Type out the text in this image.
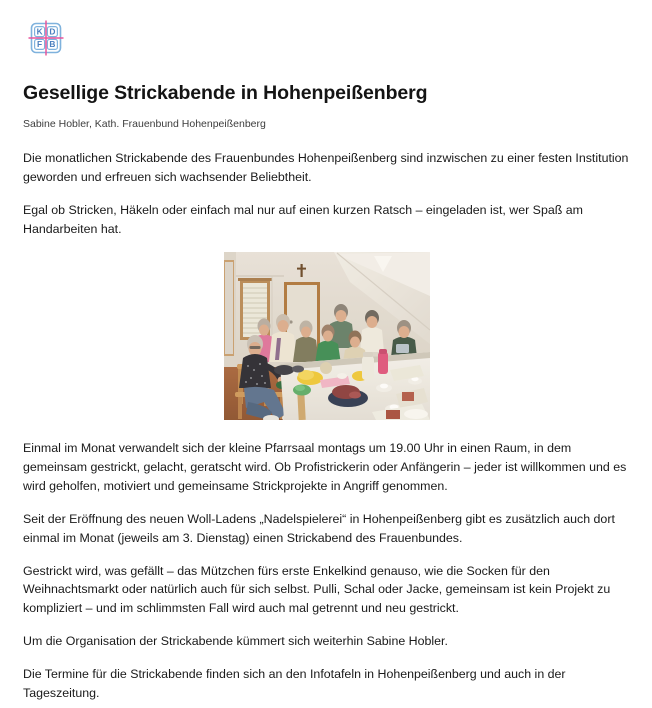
K D
F B
Gesellige Strickabende in Hohenpeißenberg
Sabine Hobler, Kath. Frauenbund Hohenpeißenberg

Die monatlichen Strickabende des Frauenbundes Hohenpeißenberg sind inzwischen zu einer festen Institution geworden und erfreuen sich wachsender Beliebtheit.

Egal ob Stricken, Häkeln oder einfach mal nur auf einen kurzen Ratsch – eingeladen ist, wer Spaß am Handarbeiten hat.

Einmal im Monat verwandelt sich der kleine Pfarrsaal montags um 19.00 Uhr in einen Raum, in dem gemeinsam gestrickt, gelacht, geratscht wird. Ob Profistrickerin oder Anfängerin – jeder ist willkommen und es wird geholfen, motiviert und gemeinsame Strickprojekte in Angriff genommen.

Seit der Eröffnung des neuen Woll-Ladens „Nadelspielerei“ in Hohenpeißenberg gibt es zusätzlich auch dort einmal im Monat (jeweils am 3. Dienstag) einen Strickabend des Frauenbundes.

Gestrickt wird, was gefällt – das Mützchen fürs erste Enkelkind genauso, wie die Socken für den Weihnachtsmarkt oder natürlich auch für sich selbst. Pulli, Schal oder Jacke, gemeinsam ist kein Projekt zu kompliziert – und im schlimmsten Fall wird auch mal getrennt und neu gestrickt.

Um die Organisation der Strickabende kümmert sich weiterhin Sabine Hobler.

Die Termine für die Strickabende finden sich an den Infotafeln in Hohenpeißenberg und auch in der Tageszeitung.
